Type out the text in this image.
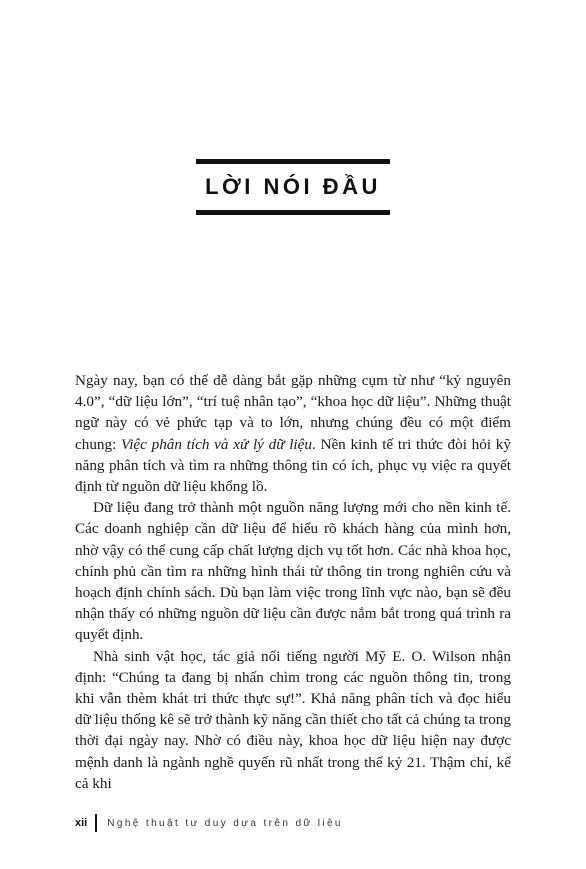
LỜI NÓI ĐẦU

Ngày nay, bạn có thể dễ dàng bắt gặp những cụm từ như “kỷ nguyên 4.0”, “dữ liệu lớn”, “trí tuệ nhân tạo”, “khoa học dữ liệu”. Những thuật ngữ này có vẻ phức tạp và to lớn, nhưng chúng đều có một điểm chung: Việc phân tích và xử lý dữ liệu. Nền kinh tế tri thức đòi hỏi kỹ năng phân tích và tìm ra những thông tin có ích, phục vụ việc ra quyết định từ nguồn dữ liệu khổng lồ.

Dữ liệu đang trở thành một nguồn năng lượng mới cho nền kinh tế. Các doanh nghiệp cần dữ liệu để hiểu rõ khách hàng của mình hơn, nhờ vậy có thể cung cấp chất lượng dịch vụ tốt hơn. Các nhà khoa học, chính phủ cần tìm ra những hình thái từ thông tin trong nghiên cứu và hoạch định chính sách. Dù bạn làm việc trong lĩnh vực nào, bạn sẽ đều nhận thấy có những nguồn dữ liệu cần được nắm bắt trong quá trình ra quyết định.

Nhà sinh vật học, tác giả nổi tiếng người Mỹ E. O. Wilson nhận định: “Chúng ta đang bị nhấn chìm trong các nguồn thông tin, trong khi vẫn thèm khát tri thức thực sự!”. Khả năng phân tích và đọc hiểu dữ liệu thống kê sẽ trở thành kỹ năng cần thiết cho tất cả chúng ta trong thời đại ngày nay. Nhờ có điều này, khoa học dữ liệu hiện nay được mệnh danh là ngành nghề quyến rũ nhất trong thế kỷ 21. Thậm chí, kể cả khi

xii	Nghệ thuật tư duy dựa trên dữ liệu
